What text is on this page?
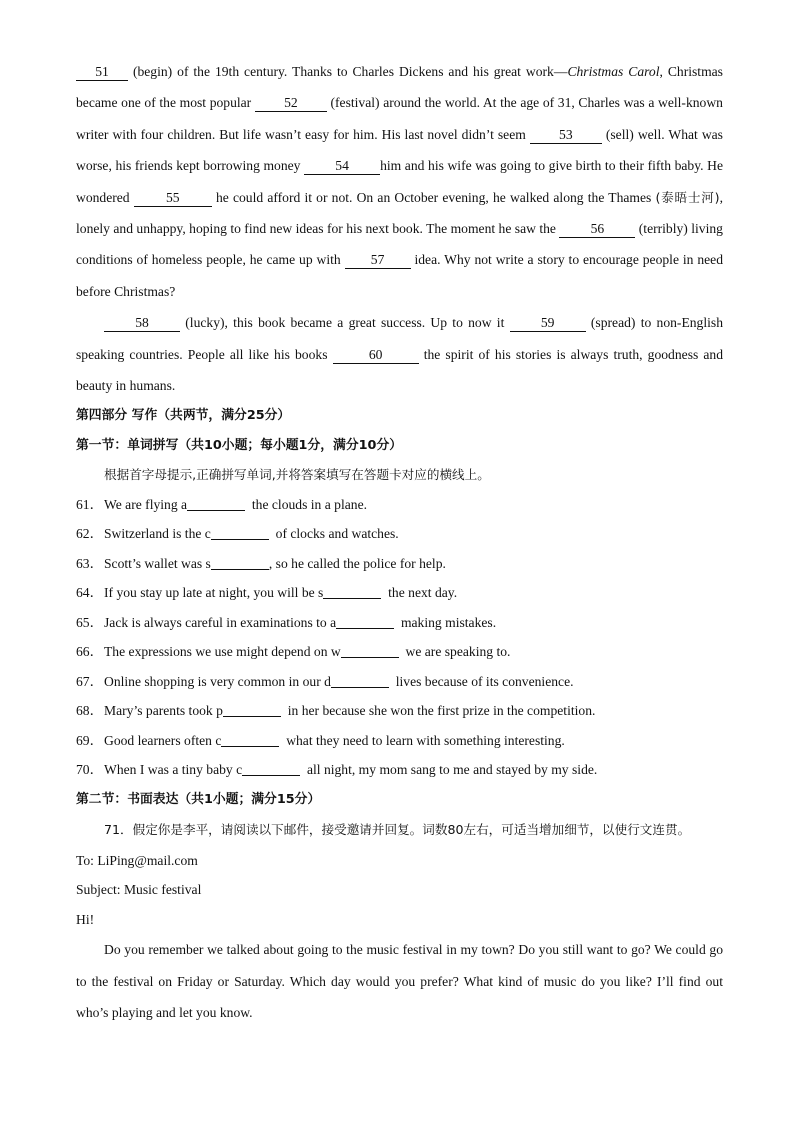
51 (begin) of the 19th century. Thanks to Charles Dickens and his great work—Christmas Carol, Christmas became one of the most popular 52 (festival) around the world. At the age of 31, Charles was a well-known writer with four children. But life wasn’t easy for him. His last novel didn’t seem 53 (sell) well. What was worse, his friends kept borrowing money	54 him and his wife was going to give birth to their fifth baby. He wondered	55	he could afford it or not. On an October evening, he walked along the Thames (泰晤士河), lonely and unhappy, hoping to find new ideas for his next book. The moment he saw the	56	(terribly) living conditions of homeless people, he came up with 57 idea. Why not write a story to encourage people in need before Christmas?

58	(lucky), this book became a great success. Up to now it	59	(spread) to non-English speaking countries. People all like his books	60	the spirit of his stories is always truth, goodness and beauty in humans.

第四部分 写作（共两节，满分25分）

第一节：单词拼写（共10小题；每小题1分，满分10分）

根据首字母提示,正确拼写单词,并将答案填写在答题卡对应的横线上。

61．We are flying a	the clouds in a plane.

62．Switzerland is the c	of clocks and watches.

63．Scott’s wallet was s	, so he called the police for help.

64．If you stay up late at night, you will be s	the next day.

65．Jack is always careful in examinations to a	making mistakes.

66．The expressions we use might depend on w	we are speaking to.

67．Online shopping is very common in our d	lives because of its convenience.

68．Mary’s parents took p	in her because she won the first prize in the competition.

69．Good learners often c	what they need to learn with something interesting.

70．When I was a tiny baby c	all night, my mom sang to me and stayed by my side.

第二节：书面表达（共1小题；满分15分）

71．假定你是李平，请阅读以下邮件，接受邀请并回复。词数80左右，可适当增加细节，以使行文连贯。

To: LiPing@mail.com

Subject: Music festival

Hi!

Do you remember we talked about going to the music festival in my town? Do you still want to go? We could go to the festival on Friday or Saturday. Which day would you prefer? What kind of music do you like? I’ll find out who’s playing and let you know.
